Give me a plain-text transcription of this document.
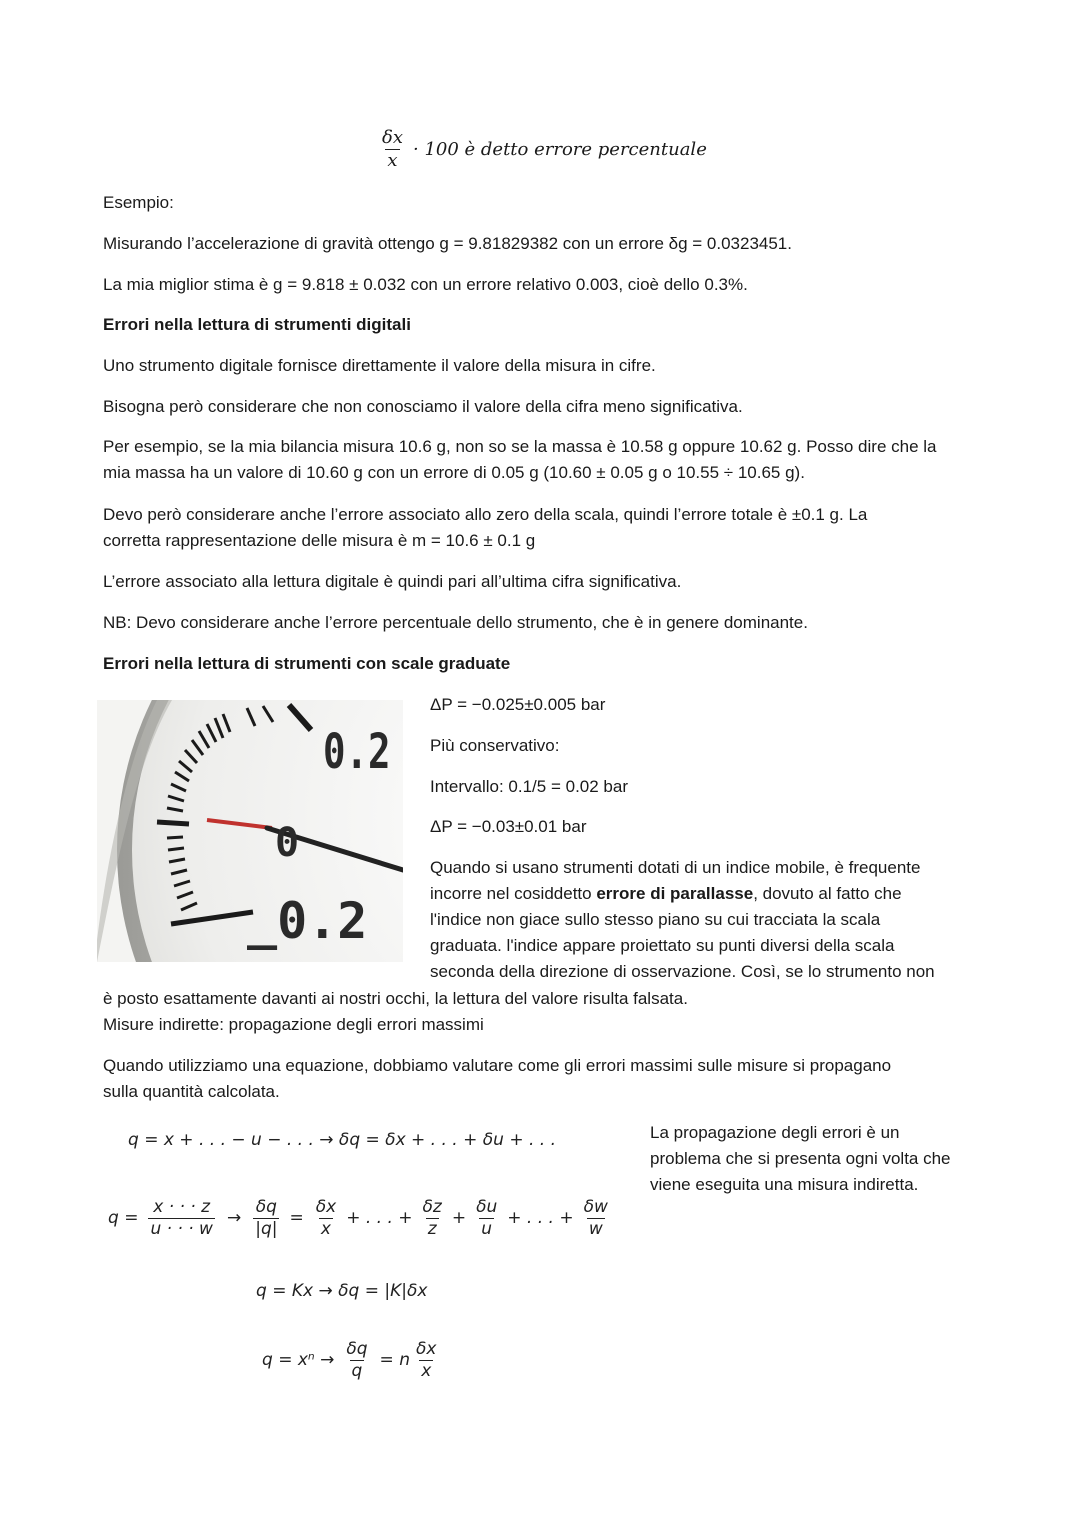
$\frac{\delta x}{x} \cdot 100$ è detto errore percentuale
Esempio:
Misurando l’accelerazione di gravità ottengo g = 9.81829382 con un errore δg = 0.0323451.
La mia miglior stima è g = 9.818 ± 0.032 con un errore relativo 0.003, cioè dello 0.3%.
Errori nella lettura di strumenti digitali
Uno strumento digitale fornisce direttamente il valore della misura in cifre.
Bisogna però considerare che non conosciamo il valore della cifra meno significativa.
Per esempio, se la mia bilancia misura 10.6 g, non so se la massa è 10.58 g oppure 10.62 g. Posso dire che la
mia massa ha un valore di 10.60 g con un errore di 0.05 g (10.60 ± 0.05 g o 10.55 ÷ 10.65 g).
Devo però considerare anche l’errore associato allo zero della scala, quindi l’errore totale è ±0.1 g. La
corretta rappresentazione delle misura è m = 10.6 ± 0.1 g
L’errore associato alla lettura digitale è quindi pari all’ultima cifra significativa.
NB: Devo considerare anche l’errore percentuale dello strumento, che è in genere dominante.
Errori nella lettura di strumenti con scale graduate
0.2
0
_0.2
ΔP = −0.025±0.005 bar
Più conservativo:
Intervallo: 0.1/5 = 0.02 bar
ΔP = −0.03±0.01 bar
Quando si usano strumenti dotati di un indice mobile, è frequente
incorre nel cosiddetto errore di parallasse, dovuto al fatto che
l'indice non giace sullo stesso piano su cui tracciata la scala
graduata. l'indice appare proiettato su punti diversi della scala
seconda della direzione di osservazione. Così, se lo strumento non
è posto esattamente davanti ai nostri occhi, la lettura del valore risulta falsata.
Misure indirette: propagazione degli errori massimi
Quando utilizziamo una equazione, dobbiamo valutare come gli errori massimi sulle misure si propagano
sulla quantità calcolata.
La propagazione degli errori è un
problema che si presenta ogni volta che
viene eseguita una misura indiretta.
q = x + . . . − u − . . . → δq = δx + . . . + δu + . . .
$q = \frac{x \cdot \cdot \cdot z}{u \cdot \cdot \cdot w} \to \frac{\delta q}{|q|} = \frac{\delta x}{x}$ + . . . + $\frac{\delta z}{z} + \frac{\delta u}{u}$ + . . . + $\frac{\delta w}{w}$
q = Kx → δq = |K|δx
$q = x^n \to \frac{\delta q}{q} = n \frac{\delta x}{x}$
